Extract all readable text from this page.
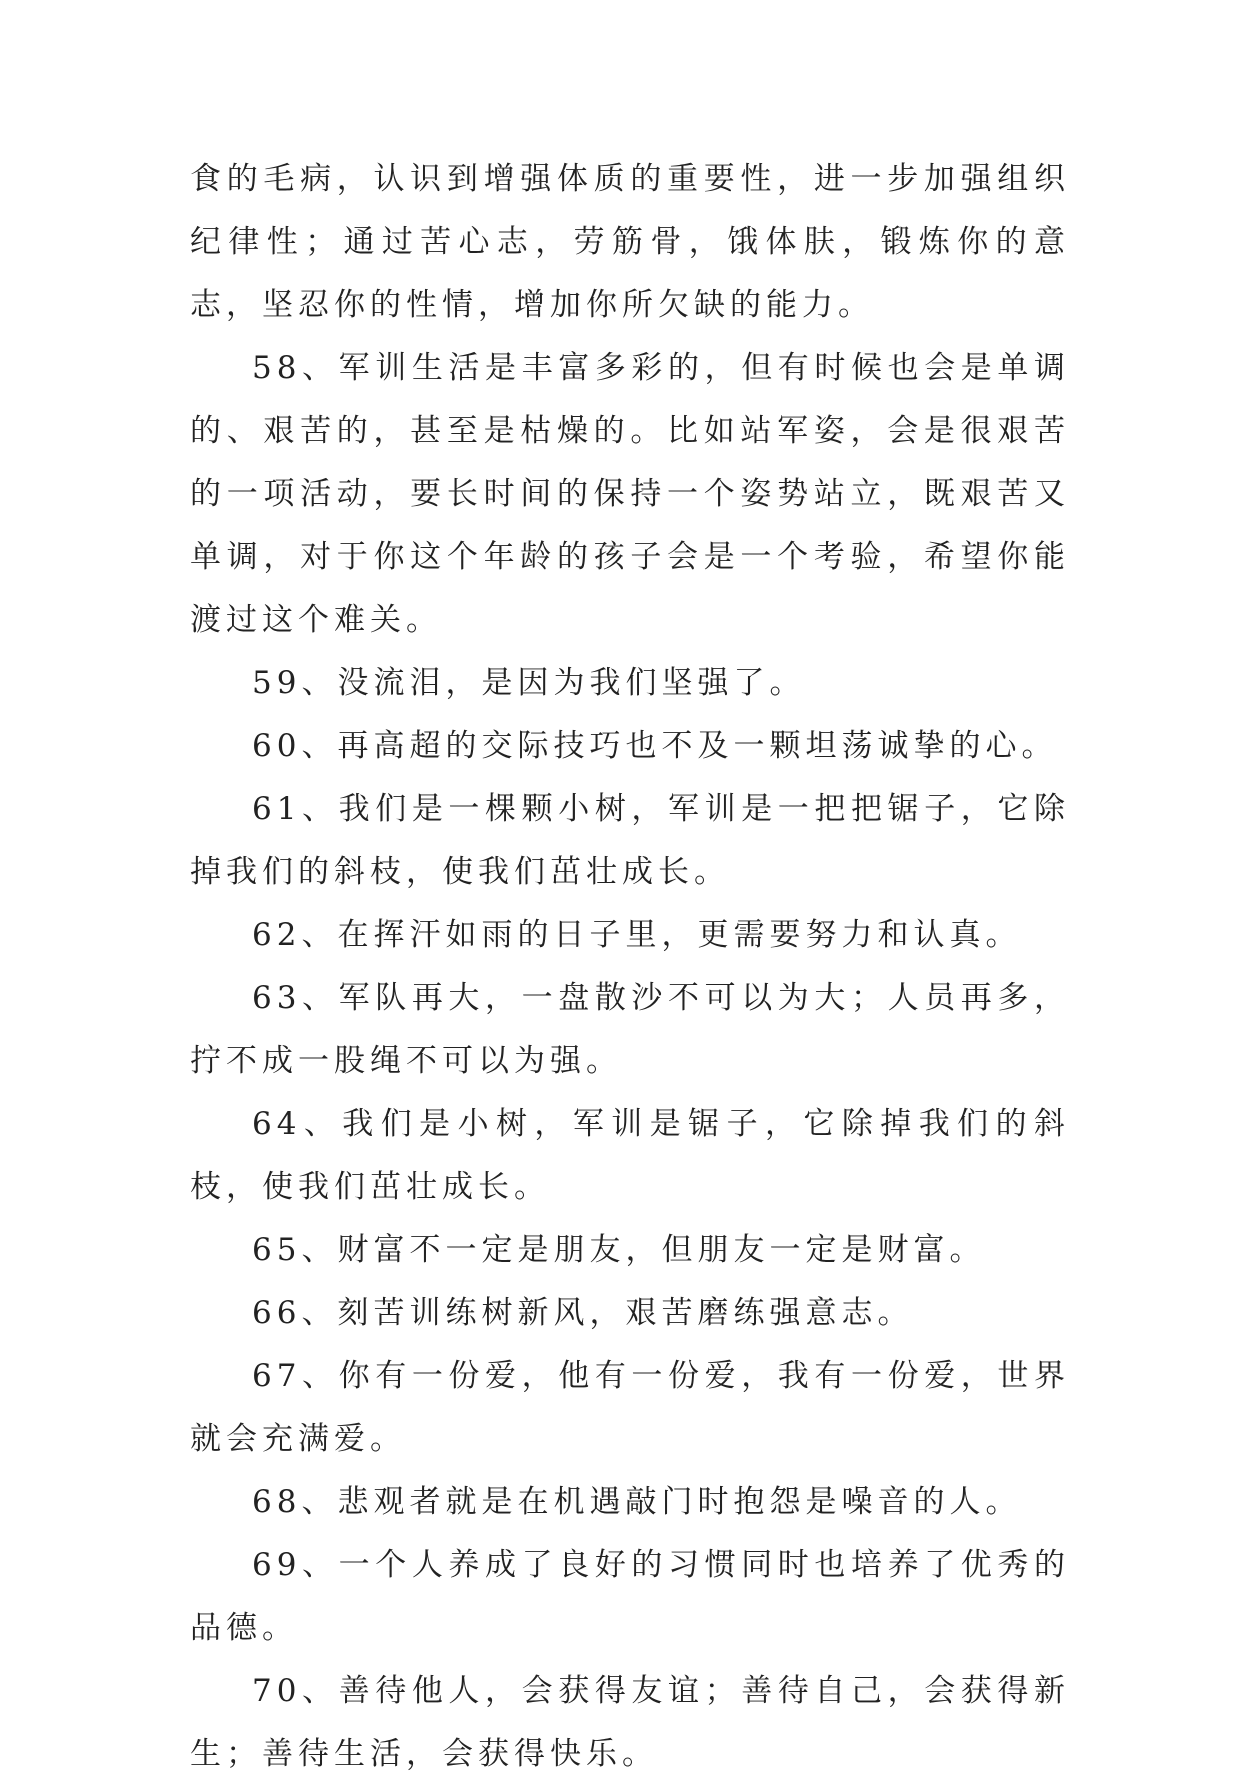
食的毛病，认识到增强体质的重要性，进一步加强组织纪律性；通过苦心志，劳筋骨，饿体肤，锻炼你的意志，坚忍你的性情，增加你所欠缺的能力。

58、军训生活是丰富多彩的，但有时候也会是单调的、艰苦的，甚至是枯燥的。比如站军姿，会是很艰苦的一项活动，要长时间的保持一个姿势站立，既艰苦又单调，对于你这个年龄的孩子会是一个考验，希望你能渡过这个难关。

59、没流泪，是因为我们坚强了。

60、再高超的交际技巧也不及一颗坦荡诚挚的心。

61、我们是一棵颗小树，军训是一把把锯子，它除掉我们的斜枝，使我们茁壮成长。

62、在挥汗如雨的日子里，更需要努力和认真。

63、军队再大，一盘散沙不可以为大；人员再多，拧不成一股绳不可以为强。

64、我们是小树，军训是锯子，它除掉我们的斜枝，使我们茁壮成长。

65、财富不一定是朋友，但朋友一定是财富。

66、刻苦训练树新风，艰苦磨练强意志。

67、你有一份爱，他有一份爱，我有一份爱，世界就会充满爱。

68、悲观者就是在机遇敲门时抱怨是噪音的人。

69、一个人养成了良好的习惯同时也培养了优秀的品德。

70、善待他人，会获得友谊；善待自己，会获得新生；善待生活，会获得快乐。
